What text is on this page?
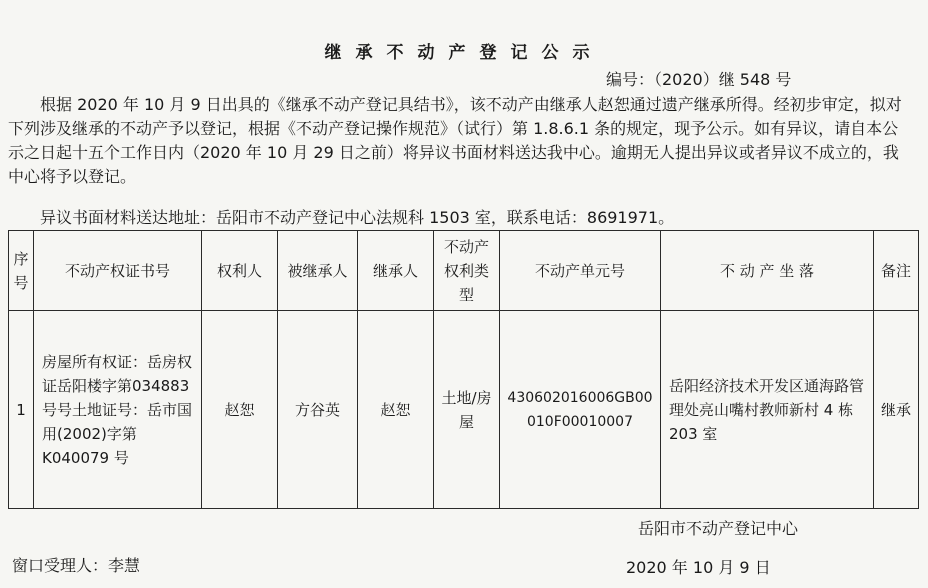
继承不动产登记公示
编号：（2020）继 548 号
根据 2020 年 10 月 9 日出具的《继承不动产登记具结书》，该不动产由继承人赵恕通过遗产继承所得。经初步审定，拟对下列涉及继承的不动产予以登记，根据《不动产登记操作规范》（试行）第 1.8.6.1 条的规定，现予公示。如有异议，请自本公示之日起十五个工作日内（2020 年 10 月 29 日之前）将异议书面材料送达我中心。逾期无人提出异议或者异议不成立的，我中心将予以登记。
异议书面材料送达地址：岳阳市不动产登记中心法规科 1503 室，联系电话：8691971。
序号	不动产权证书号	权利人	被继承人	继承人	不动产权利类型	不动产单元号	不 动 产 坐 落	备注
1	房屋所有权证：岳房权证岳阳楼字第034883 号号土地证号：岳市国用(2002)字第 K040079 号	赵恕	方谷英	赵恕	土地/房屋	430602016006GB00010F00010007	岳阳经济技术开发区通海路管理处亮山嘴村教师新村 4 栋 203 室	继承
岳阳市不动产登记中心
窗口受理人：李慧	2020 年 10 月 9 日
